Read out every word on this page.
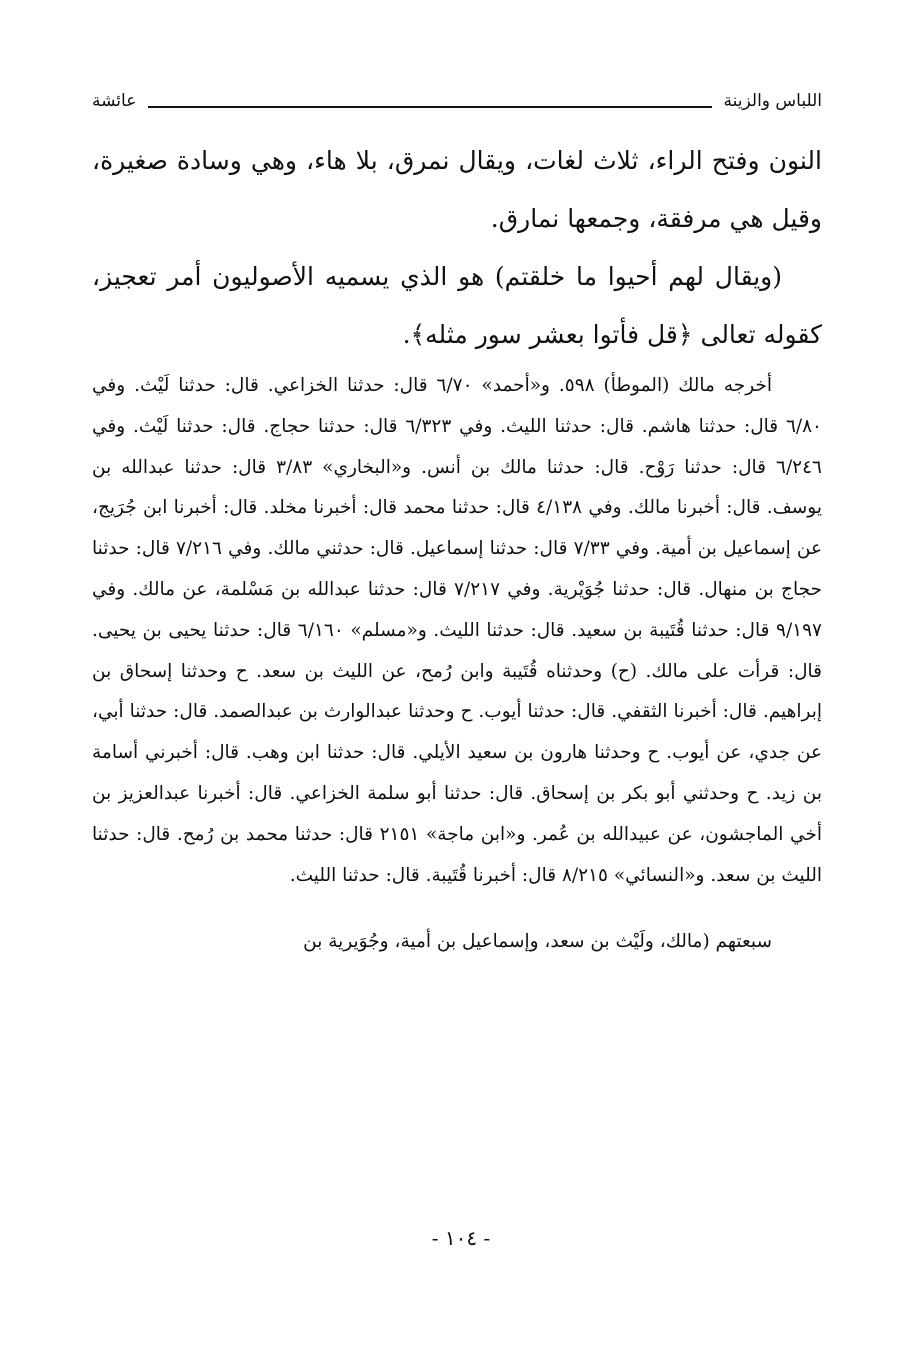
اللباس والزينة
عائشة

النون وفتح الراء، ثلاث لغات، ويقال نمرق، بلا هاء، وهي وسادة صغيرة، وقيل هي مرفقة، وجمعها نمارق.

(ويقال لهم أحيوا ما خلقتم) هو الذي يسميه الأصوليون أمر تعجيز، كقوله تعالى ﴿قل فأتوا بعشر سور مثله﴾.

أخرجه مالك (الموطأ) ٥٩٨. و«أحمد» ٦/٧٠ قال: حدثنا الخزاعي. قال: حدثنا لَيْث. وفي ٦/٨٠ قال: حدثنا هاشم. قال: حدثنا الليث. وفي ٦/٣٢٣ قال: حدثنا حجاج. قال: حدثنا لَيْث. وفي ٦/٢٤٦ قال: حدثنا رَوْح. قال: حدثنا مالك بن أنس. و«البخاري» ٣/٨٣ قال: حدثنا عبدالله بن يوسف. قال: أخبرنا مالك. وفي ٤/١٣٨ قال: حدثنا محمد قال: أخبرنا مخلد. قال: أخبرنا ابن جُرَيج، عن إسماعيل بن أمية. وفي ٧/٣٣ قال: حدثنا إسماعيل. قال: حدثني مالك. وفي ٧/٢١٦ قال: حدثنا حجاج بن منهال. قال: حدثنا جُوَيْرية. وفي ٧/٢١٧ قال: حدثنا عبدالله بن مَسْلمة، عن مالك. وفي ٩/١٩٧ قال: حدثنا قُتَيبة بن سعيد. قال: حدثنا الليث. و«مسلم» ٦/١٦٠ قال: حدثنا يحيى بن يحيى. قال: قرأت على مالك. (ح) وحدثناه قُتَيبة وابن رُمح، عن الليث بن سعد. ح وحدثنا إسحاق بن إبراهيم. قال: أخبرنا الثقفي. قال: حدثنا أيوب. ح وحدثنا عبدالوارث بن عبدالصمد. قال: حدثنا أبي، عن جدي، عن أيوب. ح وحدثنا هارون بن سعيد الأيلي. قال: حدثنا ابن وهب. قال: أخبرني أسامة بن زيد. ح وحدثني أبو بكر بن إسحاق. قال: حدثنا أبو سلمة الخزاعي. قال: أخبرنا عبدالعزيز بن أخي الماجشون، عن عبيدالله بن عُمر. و«ابن ماجة» ٢١٥١ قال: حدثنا محمد بن رُمح. قال: حدثنا الليث بن سعد. و«النسائي» ٨/٢١٥ قال: أخبرنا قُتَيبة. قال: حدثنا الليث.

سبعتهم (مالك، ولَيْث بن سعد، وإسماعيل بن أمية، وجُوَيرية بن

- ١٠٤ -
